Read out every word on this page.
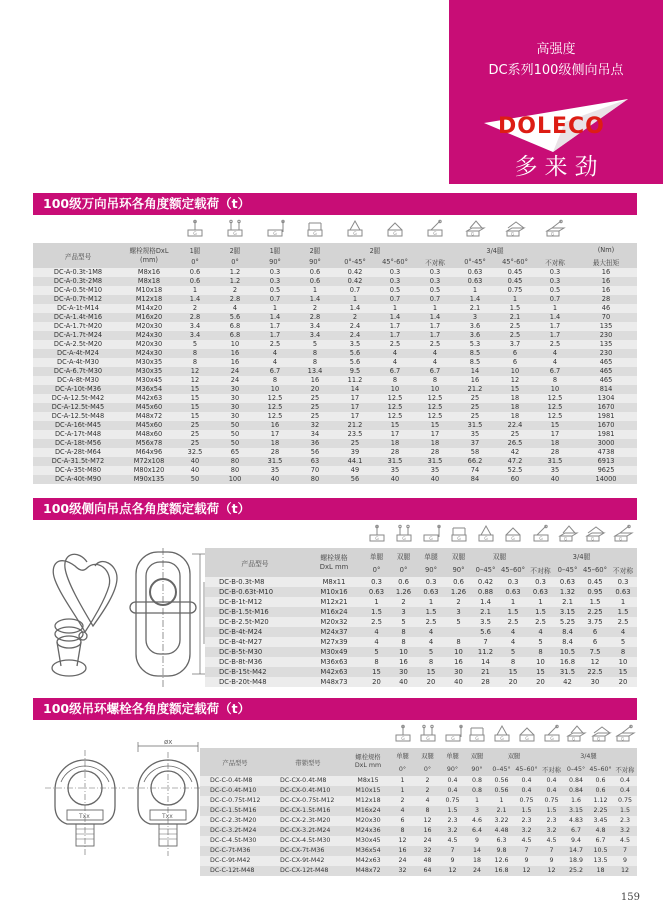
高强度
DC系列100级侧向吊点
DOLECO
多来劲
100级万向吊环各角度额定载荷（t）

G	G	G	G	G	G	G	G	G	G	

产品型号	螺栓规格DxL
(mm)	1腿	2腿	1腿	2腿	2腿			3/4腿			(Nm)
		0°	0°	90°	90°	0°-45°	45°-60°	不对称	0°-45°	45°-60°	不对称	最大扭矩
DC-A-0.3t-1M8	M8x16	0.6	1.2	0.3	0.6	0.42	0.3	0.3	0.63	0.45	0.3	16
DC-A-0.3t-2M8	M8x18	0.6	1.2	0.3	0.6	0.42	0.3	0.3	0.63	0.45	0.3	16
DC-A-0.5t-M10	M10x18	1	2	0.5	1	0.7	0.5	0.5	1	0.75	0.5	16
DC-A-0.7t-M12	M12x18	1.4	2.8	0.7	1.4	1	0.7	0.7	1.4	1	0.7	28
DC-A-1t-M14	M14x20	2	4	1	2	1.4	1	1	2.1	1.5	1	46
DC-A-1.4t-M16	M16x20	2.8	5.6	1.4	2.8	2	1.4	1.4	3	2.1	1.4	70
DC-A-1.7t-M20	M20x30	3.4	6.8	1.7	3.4	2.4	1.7	1.7	3.6	2.5	1.7	135
DC-A-1.7t-M24	M24x30	3.4	6.8	1.7	3.4	2.4	1.7	1.7	3.6	2.5	1.7	230
DC-A-2.5t-M20	M20x30	5	10	2.5	5	3.5	2.5	2.5	5.3	3.7	2.5	135
DC-A-4t-M24	M24x30	8	16	4	8	5.6	4	4	8.5	6	4	230
DC-A-4t-M30	M30x35	8	16	4	8	5.6	4	4	8.5	6	4	465
DC-A-6.7t-M30	M30x35	12	24	6.7	13.4	9.5	6.7	6.7	14	10	6.7	465
DC-A-8t-M30	M30x45	12	24	8	16	11.2	8	8	16	12	8	465
DC-A-10t-M36	M36x54	15	30	10	20	14	10	10	21.2	15	10	814
DC-A-12.5t-M42	M42x63	15	30	12.5	25	17	12.5	12.5	25	18	12.5	1304
DC-A-12.5t-M45	M45x60	15	30	12.5	25	17	12.5	12.5	25	18	12.5	1670
DC-A-12.5t-M48	M48x72	15	30	12.5	25	17	12.5	12.5	25	18	12.5	1981
DC-A-16t-M45	M45x60	25	50	16	32	21.2	15	15	31.5	22.4	15	1670
DC-A-17t-M48	M48x60	25	50	17	34	23.5	17	17	35	25	17	1981
DC-A-18t-M56	M56x78	25	50	18	36	25	18	18	37	26.5	18	3000
DC-A-28t-M64	M64x96	32.5	65	28	56	39	28	28	58	42	28	4738
DC-A-31.5t-M72	M72x108	40	80	31.5	63	44.1	31.5	31.5	66.2	47.2	31.5	6913
DC-A-35t-M80	M80x120	40	80	35	70	49	35	35	74	52.5	35	9625
DC-A-40t-M90	M90x135	50	100	40	80	56	40	40	84	60	40	14000
100级侧向吊点各角度额定载荷（t）

G	G	G	G	G	G	G	G	G	G

产品型号	螺栓规格
DxL mm	单腿	双腿	单腿	双腿	双腿			3/4腿		
		0°	0°	90°	90°	0–45°	45–60°	不对称	0–45°	45–60°	不对称
DC-B-0.3t-M8	M8x11	0.3	0.6	0.3	0.6	0.42	0.3	0.3	0.63	0.45	0.3
DC-B-0.63t-M10	M10x16	0.63	1.26	0.63	1.26	0.88	0.63	0.63	1.32	0.95	0.63
DC-B-1t-M12	M12x21	1	2	1	2	1.4	1	1	2.1	1.5	1
DC-B-1.5t-M16	M16x24	1.5	3	1.5	3	2.1	1.5	1.5	3.15	2.25	1.5
DC-B-2.5t-M20	M20x32	2.5	5	2.5	5	3.5	2.5	2.5	5.25	3.75	2.5
DC-B-4t-M24	M24x37	4	8	4		5.6	4	4	8.4	6	4
DC-B-4t-M27	M27x39	4	8	4	8	7	4	5	8.4	6	5
DC-B-5t-M30	M30x49	5	10	5	10	11.2	5	8	10.5	7.5	8
DC-B-8t-M36	M36x63	8	16	8	16	14	8	10	16.8	12	10
DC-B-15t-M42	M42x63	15	30	15	30	21	15	15	31.5	22.5	15
DC-B-20t-M48	M48x73	20	40	20	40	28	20	20	42	30	20
100级吊环螺栓各角度额定载荷（t）
Txx
øx
Txx

G	G	G	G	G	G	G	G	G	G

产品型号	带锁型号	螺栓规格
DxL mm	单腿	双腿	单腿	双腿	双腿			3/4腿		
			0°	0°	90°	90°	0–45°	45–60°	不对称	0–45°	45–60°	不对称
DC-C-0.4t-M8	DC-CX-0.4t-M8	M8x15	1	2	0.4	0.8	0.56	0.4	0.4	0.84	0.6	0.4
DC-C-0.4t-M10	DC-CX-0.4t-M10	M10x15	1	2	0.4	0.8	0.56	0.4	0.4	0.84	0.6	0.4
DC-C-0.75t-M12	DC-CX-0.75t-M12	M12x18	2	4	0.75	1	1	0.75	0.75	1.6	1.12	0.75
DC-C-1.5t-M16	DC-CX-1.5t-M16	M16x24	4	8	1.5	3	2.1	1.5	1.5	3.15	2.25	1.5
DC-C-2.3t-M20	DC-CX-2.3t-M20	M20x30	6	12	2.3	4.6	3.22	2.3	2.3	4.83	3.45	2.3
DC-C-3.2t-M24	DC-CX-3.2t-M24	M24x36	8	16	3.2	6.4	4.48	3.2	3.2	6.7	4.8	3.2
DC-C-4.5t-M30	DC-CX-4.5t-M30	M30x45	12	24	4.5	9	6.3	4.5	4.5	9.4	6.7	4.5
DC-C-7t-M36	DC-CX-7t-M36	M36x54	16	32	7	14	9.8	7	7	14.7	10.5	7
DC-C-9t-M42	DC-CX-9t-M42	M42x63	24	48	9	18	12.6	9	9	18.9	13.5	9
DC-C-12t-M48	DC-CX-12t-M48	M48x72	32	64	12	24	16.8	12	12	25.2	18	12
159
